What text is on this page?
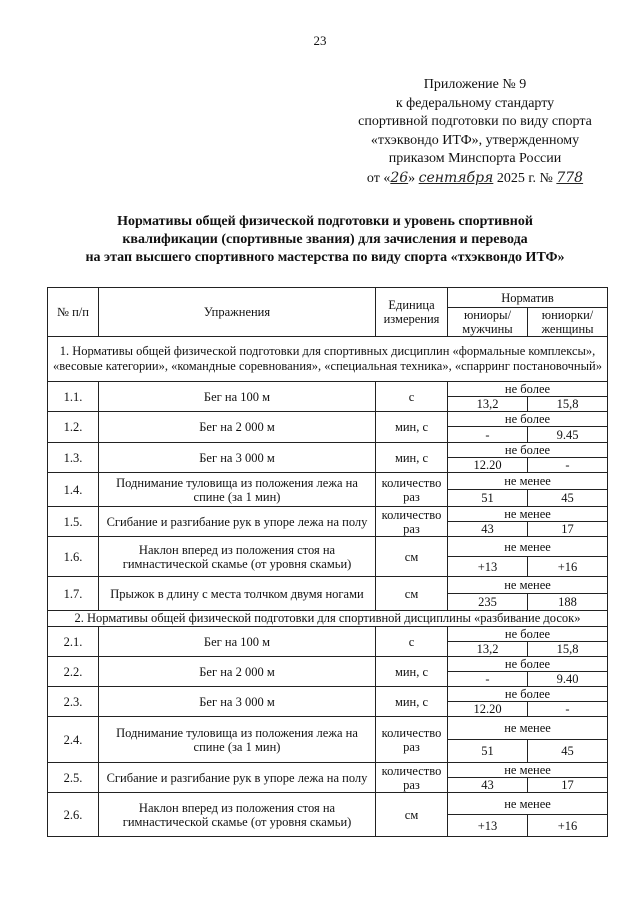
23
Приложение № 9
к федеральному стандарту
спортивной подготовки по виду спорта
«тхэквондо ИТФ», утвержденному
приказом Минспорта России
от «26» сентября 2025 г. № 778
Нормативы общей физической подготовки и уровень спортивной
квалификации (спортивные звания) для зачисления и перевода
на этап высшего спортивного мастерства по виду спорта «тхэквондо ИТФ»
№ п/п	Упражнения	Единица измерения	Норматив	
			юниоры/ мужчины	юниорки/ женщины
1. Нормативы общей физической подготовки для спортивных дисциплин «формальные комплексы», «весовые категории», «командные соревнования», «специальная техника», «спарринг постановочный»				
1.1.	Бег на 100 м	с	не более	
			13,2	15,8
1.2.	Бег на 2 000 м	мин, с	не более	
			-	9.45
1.3.	Бег на 3 000 м	мин, с	не более	
			12.20	-
1.4.	Поднимание туловища из положения лежа на спине (за 1 мин)	количество раз	не менее	
			51	45
1.5.	Сгибание и разгибание рук в упоре лежа на полу	количество раз	не менее	
			43	17
1.6.	Наклон вперед из положения стоя на гимнастической скамье (от уровня скамьи)	см	не менее	
			+13	+16
1.7.	Прыжок в длину с места толчком двумя ногами	см	не менее	
			235	188
2. Нормативы общей физической подготовки для спортивной дисциплины «разбивание досок»				
2.1.	Бег на 100 м	с	не более	
			13,2	15,8
2.2.	Бег на 2 000 м	мин, с	не более	
			-	9.40
2.3.	Бег на 3 000 м	мин, с	не более	
			12.20	-
2.4.	Поднимание туловища из положения лежа на спине (за 1 мин)	количество раз	не менее	
			51	45
2.5.	Сгибание и разгибание рук в упоре лежа на полу	количество раз	не менее	
			43	17
2.6.	Наклон вперед из положения стоя на гимнастической скамье (от уровня скамьи)	см	не менее	
			+13	+16
